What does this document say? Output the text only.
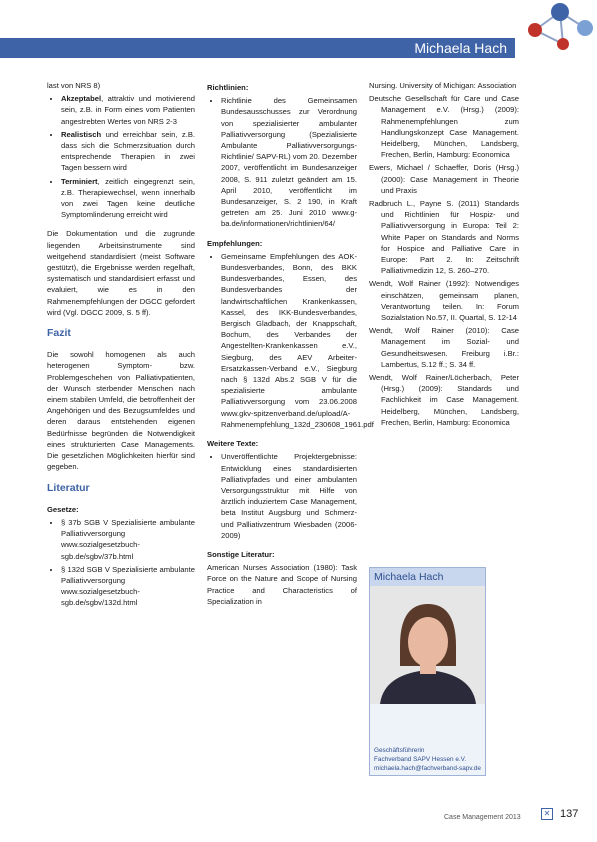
Michaela Hach

last von NRS 8)

• Akzeptabel, attraktiv und motivierend sein, z.B. in Form eines vom Patienten angestrebten Wertes von NRS 2-3
• Realistisch und erreichbar sein, z.B. dass sich die Schmerzsituation durch entsprechende Therapien in zwei Tagen bessern wird
• Terminiert, zeitlich eingegrenzt sein, z.B. Therapiewechsel, wenn innerhalb von zwei Tagen keine deutliche Symptomlinderung erreicht wird

Die Dokumentation und die zugrunde liegenden Arbeitsinstrumente sind weitgehend standardisiert (meist Software gestützt), die Ergebnisse werden regelhaft, systematisch und standardisiert erfasst und evaluiert, wie es in den Rahmenempfehlungen der DGCC gefordert wird (Vgl. DGCC 2009, S. 5 ff).

Fazit

Die sowohl homogenen als auch heterogenen Symptom- bzw. Problemgeschehen von Palliativpatienten, der Wunsch sterbender Menschen nach einem stabilen Umfeld, die betroffenheit der Angehörigen und des Bezugsumfeldes und deren daraus entstehenden eigenen Bedürfnisse begründen die Notwendigkeit eines strukturierten Case Managements. Die gesetzlichen Möglichkeiten hierfür sind gegeben.

Literatur
Gesetze:
• § 37b SGB V Spezialisierte ambulante Palliativversorgung www.sozialgesetzbuch-sgb.de/sgbv/37b.html
• § 132d SGB V Spezialisierte ambulante Palliativversorgung www.sozialgesetzbuch-sgb.de/sgbv/132d.html
Richtlinien:
• Richtlinie des Gemeinsamen Bundesausschusses zur Verordnung von spezialisierter ambulanter Palliativversorgung (Spezialisierte Ambulante Palliativversorgungs-Richtlinie/ SAPV-RL) vom 20. Dezember 2007, veröffentlicht im Bundesanzeiger 2008, S. 911 zuletzt geändert am 15. April 2010, veröffentlicht im Bundesanzeiger, S. 2 190, in Kraft getreten am 25. Juni 2010 www.g-ba.de/informationen/richtlinien/64/
Empfehlungen:
• Gemeinsame Empfehlungen des AOK-Bundesverbandes, Bonn, des BKK Bundesverbandes, Essen, des Bundesverbandes der landwirtschaftlichen Krankenkassen, Kassel, des IKK-Bundesverbandes, Bergisch Gladbach, der Knappschaft, Bochum, des Verbandes der Angestellten-Krankenkassen e.V., Siegburg, des AEV Arbeiter-Ersatzkassen-Verband e.V., Siegburg nach § 132d Abs.2 SGB V für die spezialisierte ambulante Palliativversorgung vom 23.06.2008 www.gkv-spitzenverband.de/upload/A-Rahmenempfehlung_132d_230608_1961.pdf
Weitere Texte:
• Unveröffentlichte Projektergebnisse: Entwicklung eines standardisierten Palliativpfades und einer ambulanten Versorgungsstruktur mit Hilfe von ärztlich induziertem Case Management, beta Institut Augsburg und Schmerz- und Palliativzentrum Wiesbaden (2006-2009)
Sonstige Literatur:

American Nurses Association (1980): Task Force on the Nature and Scope of Nursing Practice and Characteristics of Specialization in

Nursing. University of Michigan: Association
Deutsche Gesellschaft für Care und Case Management e.V. (Hrsg.) (2009): Rahmenempfehlungen zum Handlungskonzept Case Management. Heidelberg, München, Landsberg, Frechen, Berlin, Hamburg: Economica
Ewers, Michael / Schaeffer, Doris (Hrsg.) (2000): Case Management in Theorie und Praxis
Radbruch L., Payne S. (2011) Standards und Richtlinien für Hospiz- und Palliativversorgung in Europa: Teil 2: White Paper on Standards and Norms for Hospice and Palliative Care in Europe: Part 2. In: Zeitschrift Palliativmedizin 12, S. 260–270.
Wendt, Wolf Rainer (1992): Notwendiges einschätzen, gemeinsam planen, Verantwortung teilen. In: Forum Sozialstation No.57, II. Quartal, S. 12-14
Wendt, Wolf Rainer (2010): Case Management im Sozial- und Gesundheitswesen. Freiburg i.Br.: Lambertus, S.12 ff.; S. 34 ff.
Wendt, Wolf Rainer/Löcherbach, Peter (Hrsg.) (2009): Standards und Fachlichkeit im Case Management. Heidelberg, München, Landsberg, Frechen, Berlin, Hamburg: Economica
Michaela Hach
Geschäftsführerin
Fachverband SAPV Hessen e.V.
michaela.hach@fachverband-sapv.de
Case Management 2013	✕ 137
